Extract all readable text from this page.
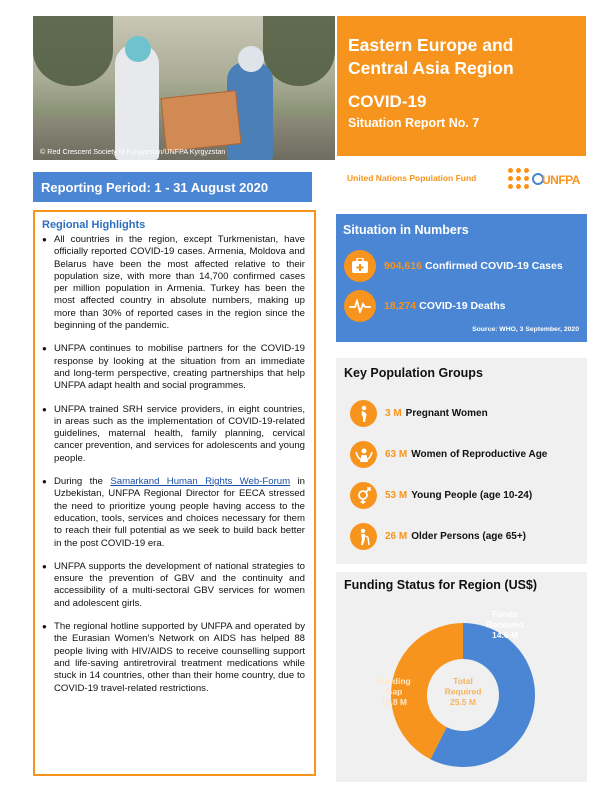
© Red Crescent Society of Kyrgyzstan/UNFPA Kyrgyzstan
Eastern Europe and
Central Asia Region
COVID-19
Situation Report No. 7
Reporting Period: 1 - 31 August 2020
United Nations Population Fund	UNFPA
Regional Highlights
● All countries in the region, except Turkmenistan, have officially reported COVID-19 cases. Armenia, Moldova and Belarus have been the most affected relative to their population size, with more than 14,700 confirmed cases per million population in Armenia. Turkey has been the most affected country in absolute numbers, making up more than 30% of reported cases in the region since the beginning of the pandemic.
● UNFPA continues to mobilise partners for the COVID-19 response by looking at the situation from an immediate and long-term perspective, creating partnerships that help UNFPA adapt health and social programmes.
● UNFPA trained SRH service providers, in eight countries, in areas such as the implementation of COVID-19-related guidelines, maternal health, family planning, cervical cancer prevention, and services for adolescents and young people.
● During the Samarkand Human Rights Web-Forum in Uzbekistan, UNFPA Regional Director for EECA stressed the need to prioritize young people having access to the education, tools, services and choices necessary for them to reach their full potential as we seek to build back better in the post COVID-19 era.
● UNFPA supports the development of national strategies to ensure the prevention of GBV and the continuity and accessibility of a multi-sectoral GBV services for women and adolescent girls.
● The regional hotline supported by UNFPA and operated by the Eurasian Women's Network on AIDS has helped 88 people living with HIV/AIDS to receive counselling support and life-saving antiretroviral treatment medications while stuck in 14 countries, other than their home country, due to COVID-19 travel-related restrictions.
Situation in Numbers
904,616 Confirmed COVID-19 Cases
18,274 COVID-19 Deaths
Source: WHO, 3 September, 2020
Key Population Groups
3 M Pregnant Women
63 M Women of Reproductive Age
53 M Young People (age 10-24)
26 M Older Persons (age 65+)
Funding Status for Region (US$)
Funds Received 14.6 M
Funding Gap 10.8 M
Total Required 25.5 M
